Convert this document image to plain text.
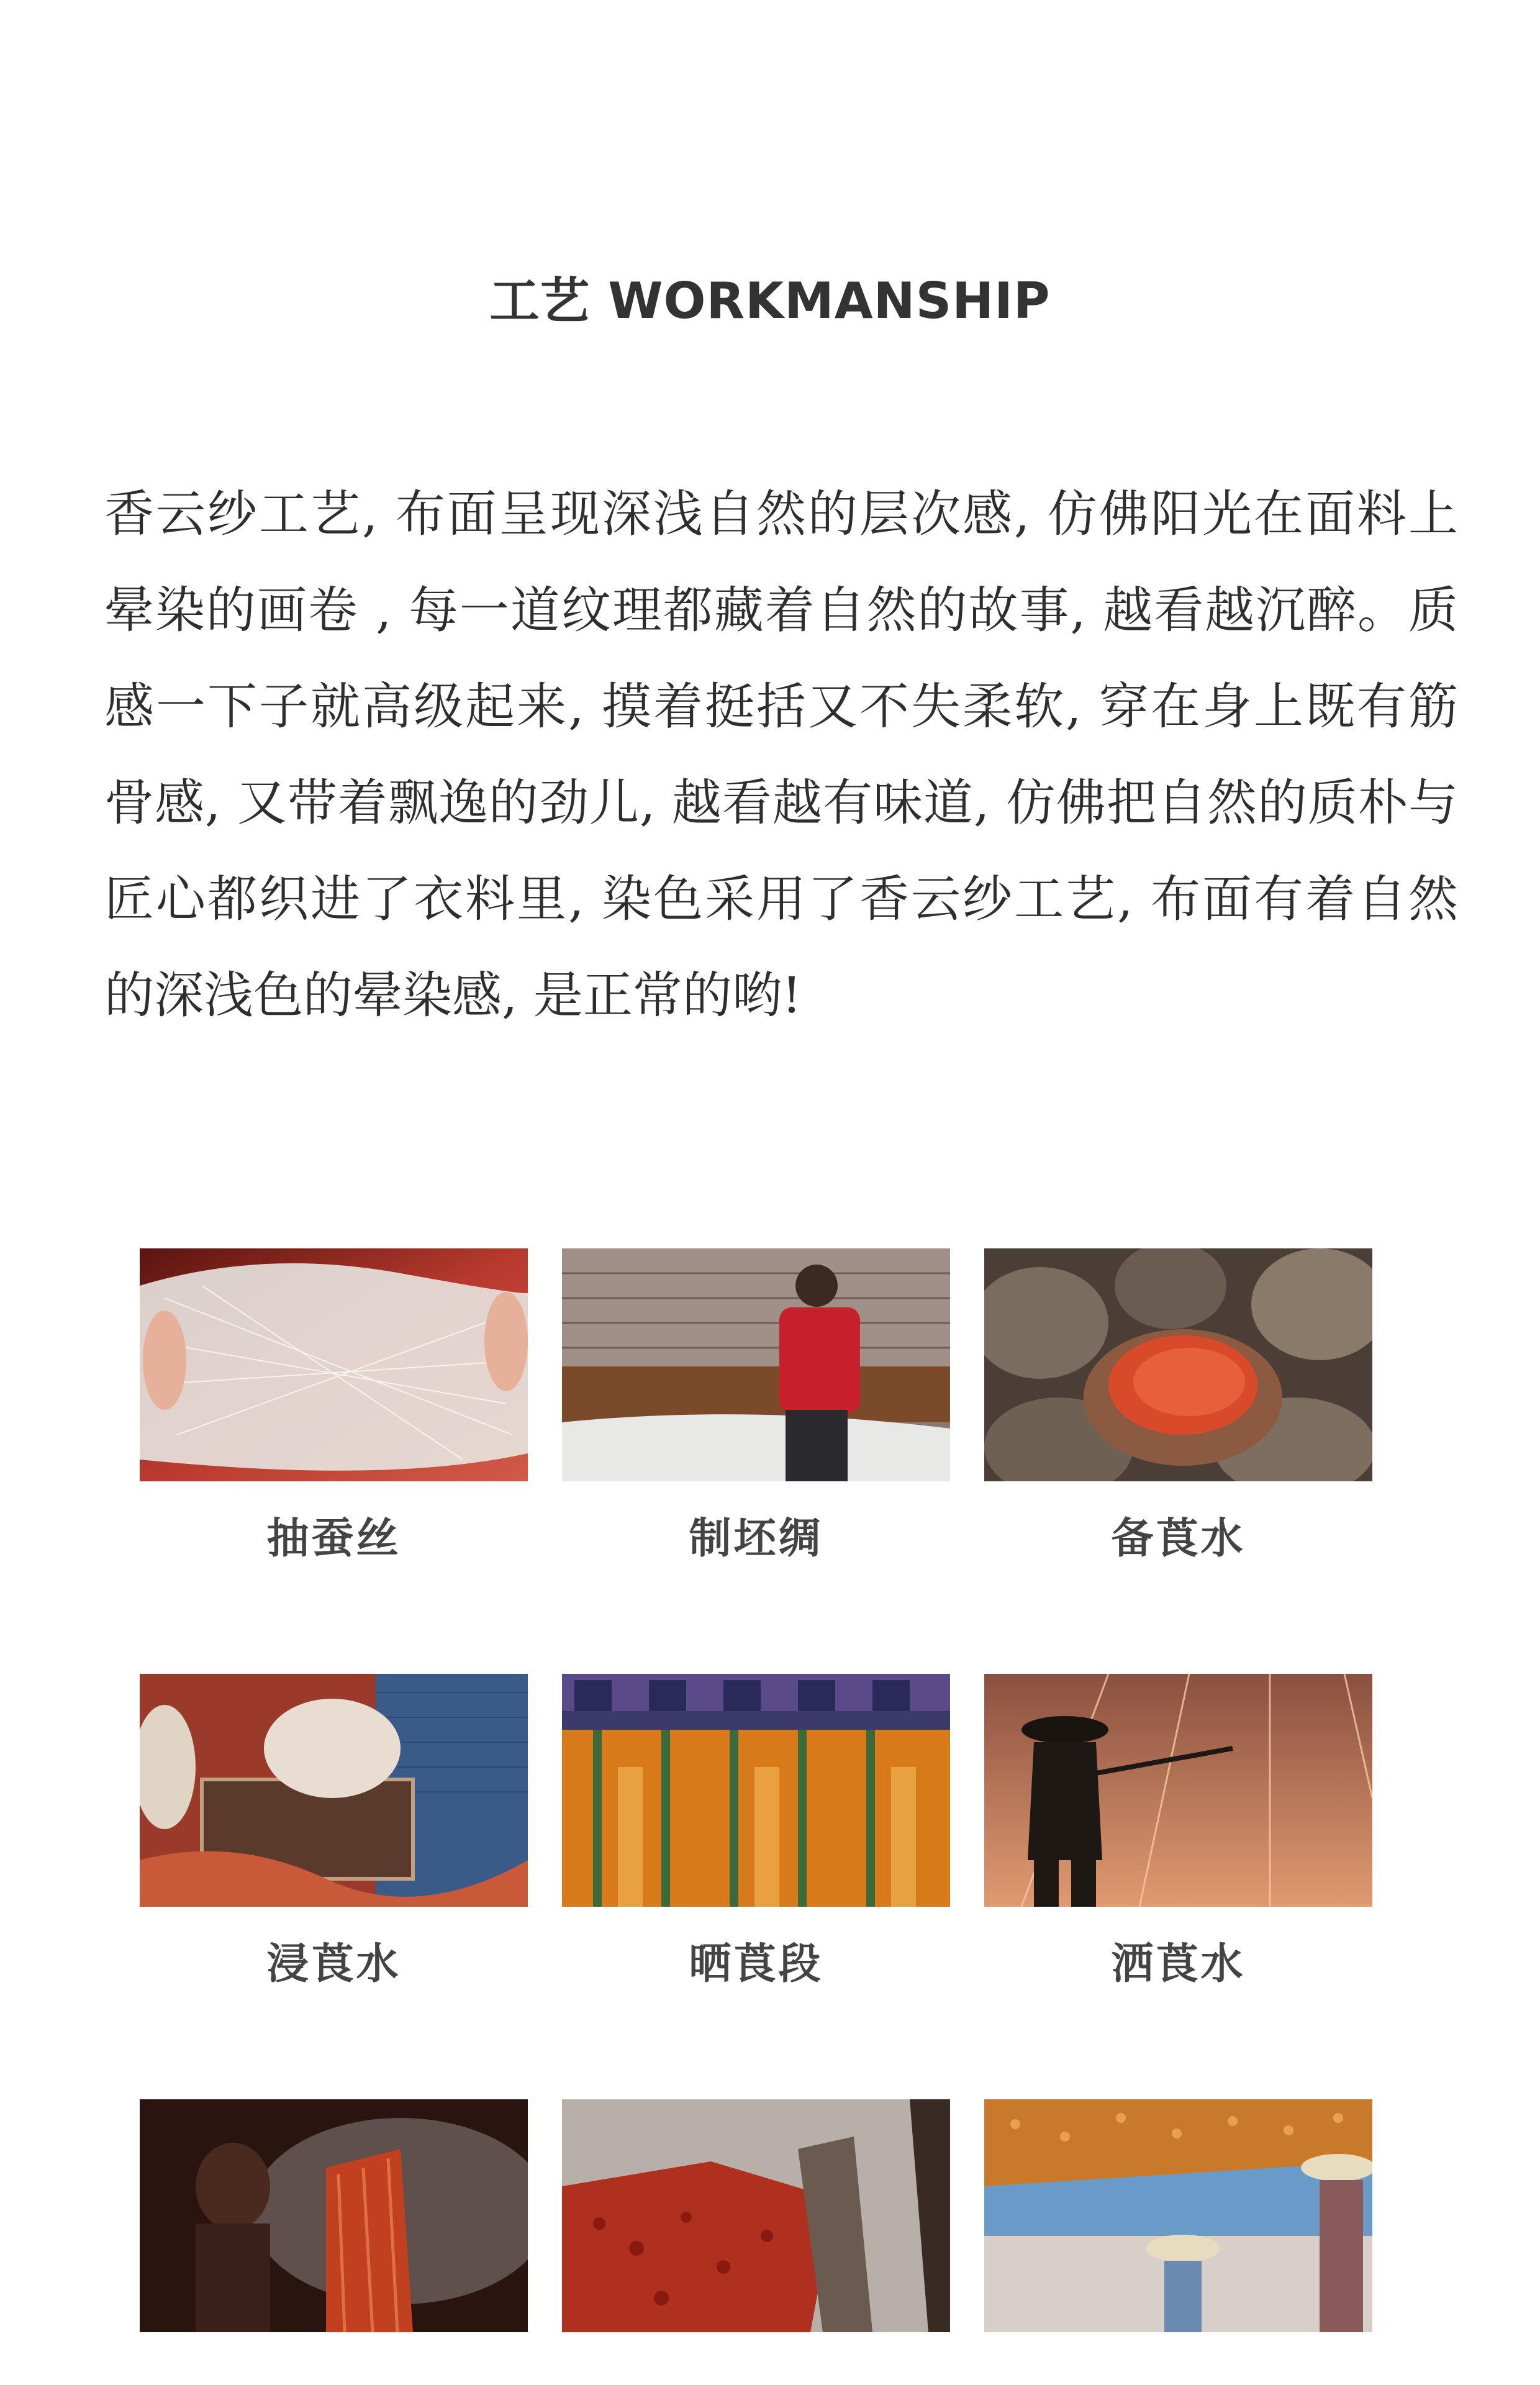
工艺 WORKMANSHIP

香云纱工艺, 布面呈现深浅自然的层次感, 仿佛阳光在面料上晕染的画卷 , 每一道纹理都藏着自然的故事, 越看越沉醉。质感一下子就高级起来, 摸着挺括又不失柔软, 穿在身上既有筋骨感, 又带着飘逸的劲儿, 越看越有味道, 仿佛把自然的质朴与匠心都织进了衣料里, 染色采用了香云纱工艺, 布面有着自然的深浅色的晕染感, 是正常的哟!

抽蚕丝	制坯绸	备莨水
浸莨水	晒莨段	洒莨水
